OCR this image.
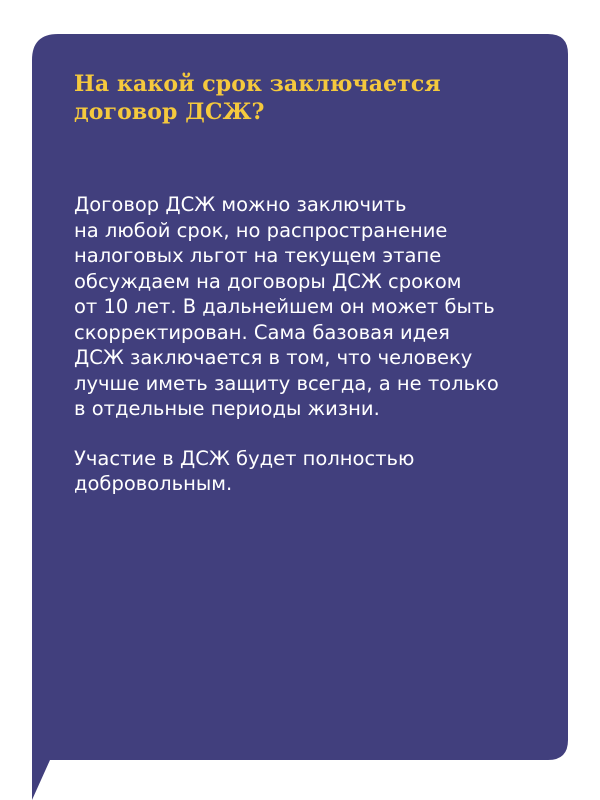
На какой срок заключается
договор ДСЖ?

Договор ДСЖ можно заключить
на любой срок, но распространение
налоговых льгот на текущем этапе
обсуждаем на договоры ДСЖ сроком
от 10 лет. В дальнейшем он может быть
скорректирован. Сама базовая идея
ДСЖ заключается в том, что человеку
лучше иметь защиту всегда, а не только
в отдельные периоды жизни.

Участие в ДСЖ будет полностью
добровольным.
